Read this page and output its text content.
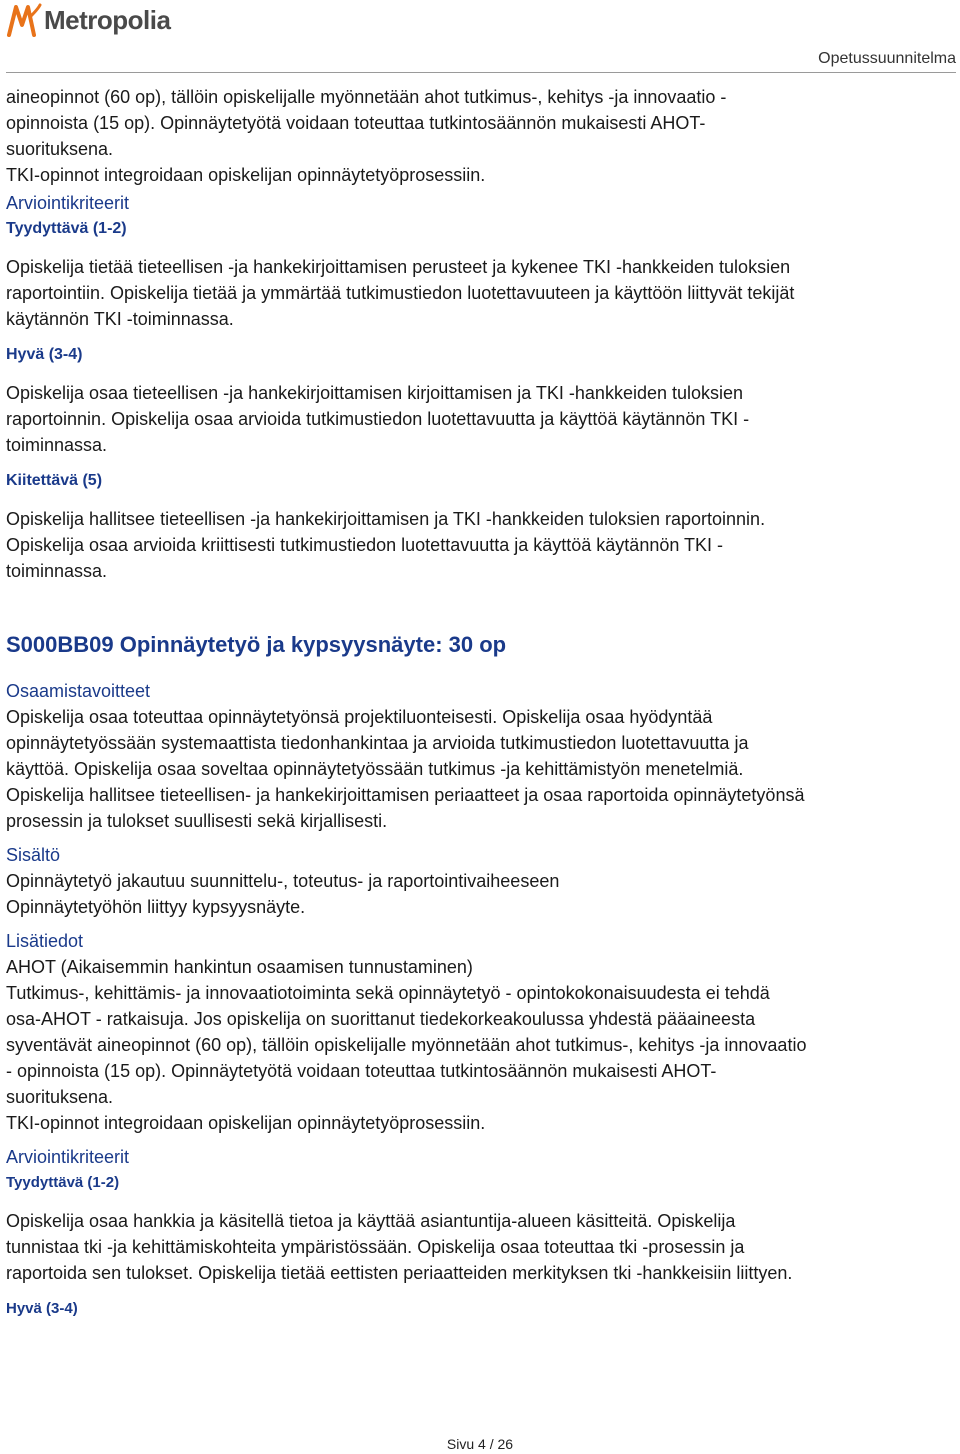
Metropolia
Opetussuunnitelma

aineopinnot (60 op), tällöin opiskelijalle myönnetään ahot tutkimus-, kehitys -ja innovaatio -
opinnoista (15 op). Opinnäytetyötä voidaan toteuttaa tutkintosäännön mukaisesti AHOT-
suorituksena.
TKI-opinnot integroidaan opiskelijan opinnäytetyöprosessiin.

Arviointikriteerit
Tyydyttävä (1-2)

Opiskelija tietää tieteellisen -ja hankekirjoittamisen perusteet ja kykenee TKI -hankkeiden tuloksien
raportointiin. Opiskelija tietää ja ymmärtää tutkimustiedon luotettavuuteen ja käyttöön liittyvät tekijät
käytännön TKI -toiminnassa.

Hyvä (3-4)

Opiskelija osaa tieteellisen -ja hankekirjoittamisen kirjoittamisen ja TKI -hankkeiden tuloksien
raportoinnin. Opiskelija osaa arvioida tutkimustiedon luotettavuutta ja käyttöä käytännön TKI -
toiminnassa.

Kiitettävä (5)

Opiskelija hallitsee tieteellisen -ja hankekirjoittamisen ja TKI -hankkeiden tuloksien raportoinnin.
Opiskelija osaa arvioida kriittisesti tutkimustiedon luotettavuutta ja käyttöä käytännön TKI -
toiminnassa.

S000BB09 Opinnäytetyö ja kypsyysnäyte: 30 op
Osaamistavoitteet

Opiskelija osaa toteuttaa opinnäytetyönsä projektiluonteisesti. Opiskelija osaa hyödyntää
opinnäytetyössään systemaattista tiedonhankintaa ja arvioida tutkimustiedon luotettavuutta ja
käyttöä. Opiskelija osaa soveltaa opinnäytetyössään tutkimus -ja kehittämistyön menetelmiä.
Opiskelija hallitsee tieteellisen- ja hankekirjoittamisen periaatteet ja osaa raportoida opinnäytetyönsä
prosessin ja tulokset suullisesti sekä kirjallisesti.

Sisältö

Opinnäytetyö jakautuu suunnittelu-, toteutus- ja raportointivaiheeseen
Opinnäytetyöhön liittyy kypsyysnäyte.

Lisätiedot

AHOT (Aikaisemmin hankintun osaamisen tunnustaminen)
Tutkimus-, kehittämis- ja innovaatiotoiminta sekä opinnäytetyö - opintokokonaisuudesta ei tehdä
osa-AHOT - ratkaisuja. Jos opiskelija on suorittanut tiedekorkeakoulussa yhdestä pääaineesta
syventävät aineopinnot (60 op), tällöin opiskelijalle myönnetään ahot tutkimus-, kehitys -ja innovaatio
- opinnoista (15 op). Opinnäytetyötä voidaan toteuttaa tutkintosäännön mukaisesti AHOT-
suorituksena.
TKI-opinnot integroidaan opiskelijan opinnäytetyöprosessiin.

Arviointikriteerit
Tyydyttävä (1-2)

Opiskelija osaa hankkia ja käsitellä tietoa ja käyttää asiantuntija-alueen käsitteitä. Opiskelija
tunnistaa tki -ja kehittämiskohteita ympäristössään. Opiskelija osaa toteuttaa tki -prosessin ja
raportoida sen tulokset. Opiskelija tietää eettisten periaatteiden merkityksen tki -hankkeisiin liittyen.

Hyvä (3-4)
Sivu 4 / 26
